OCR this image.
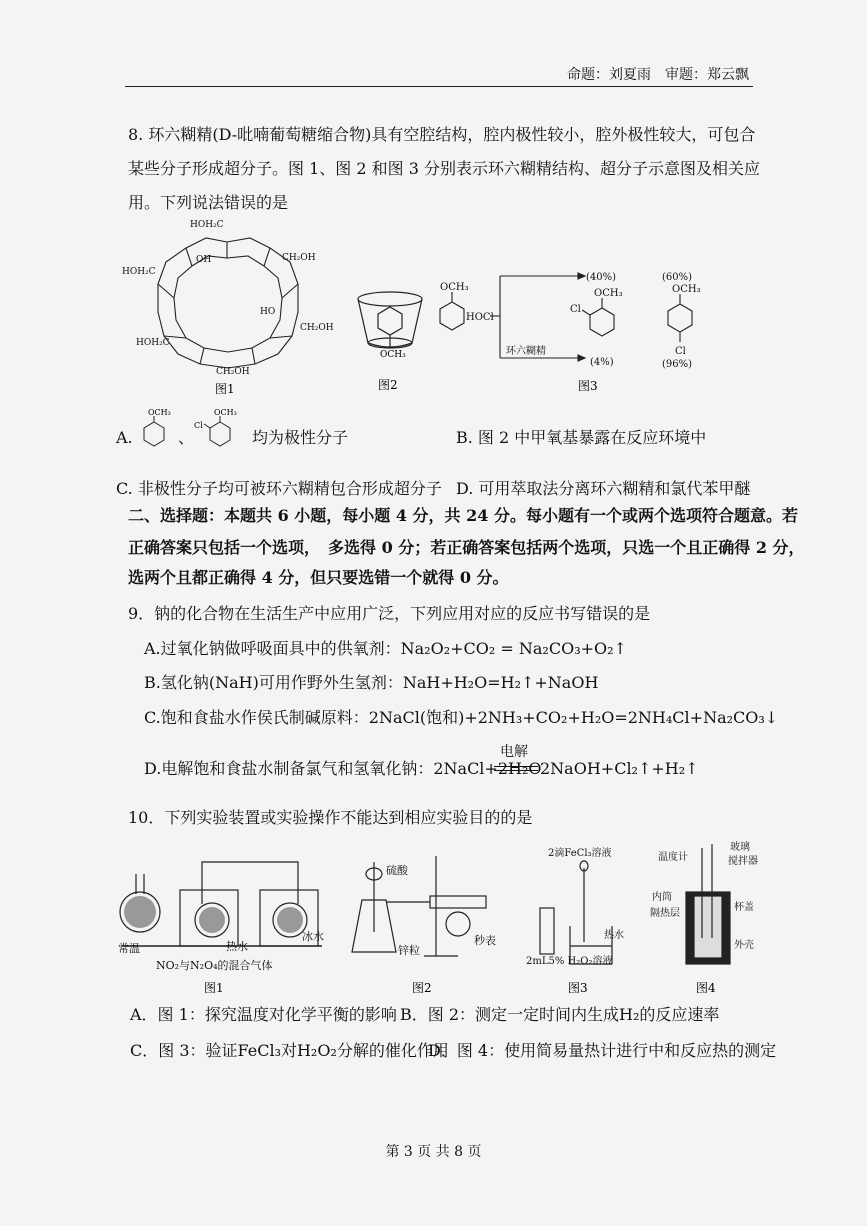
命题：刘夏雨　审题：郑云飘
8. 环六糊精(D-吡喃葡萄糖缩合物)具有空腔结构，腔内极性较小，腔外极性较大，可包合某些分子形成超分子。图 1、图 2 和图 3 分别表示环六糊精结构、超分子示意图及相关应用。下列说法错误的是
HOH₂C
HOH₂C
HOH₂C
CH₂OH
CH₂OH
CH₂OH
OH
HO
图1
OCH₃
图2
OCH₃
HOCl
环六糊精
(40%)	(60%)
OCH₃
Cl
OCH₃
Cl
(4%)	(96%)
图3
A.
OCH₃
、
OCH₃
Cl
均为极性分子	B. 图 2 中甲氧基暴露在反应环境中
C. 非极性分子均可被环六糊精包合形成超分子 D. 可用萃取法分离环六糊精和氯代苯甲醚
二、选择题：本题共 6 小题，每小题 4 分，共 24 分。每小题有一个或两个选项符合题意。若
正确答案只包括一个选项，　多选得 0 分；若正确答案包括两个选项，只选一个且正确得 2 分，
选两个且都正确得 4 分，但只要选错一个就得 0 分。
9．钠的化合物在生活生产中应用广泛，下列应用对应的反应书写错误的是
A.过氧化钠做呼吸面具中的供氧剂：Na₂O₂+CO₂ = Na₂CO₃+O₂↑
B.氢化钠(NaH)可用作野外生氢剂：NaH+H₂O=H₂↑+NaOH
C.饱和食盐水作侯氏制碱原料：2NaCl(饱和)+2NH₃+CO₂+H₂O=2NH₄Cl+Na₂CO₃↓
D.电解饱和食盐水制备氯气和氢氧化钠：2NaCl+2H₂O
电解
2NaOH+Cl₂↑+H₂↑
10．下列实验装置或实验操作不能达到相应实验目的的是
常温	热水
冰水
NO₂与N₂O₄的混合气体
图1
硫酸
锌粒
秒表
图2
2滴FeCl₃溶液
热水
2mL5% H₂O₂溶液
图3
温度计
玻璃
搅拌器
内筒
隔热层
杯盖
外壳
图4
A．图 1：探究温度对化学平衡的影响 B．图 2：测定一定时间内生成H₂的反应速率
C．图 3：验证FeCl₃对H₂O₂分解的催化作用
D．图 4：使用简易量热计进行中和反应热的测定
第 3 页 共 8 页
